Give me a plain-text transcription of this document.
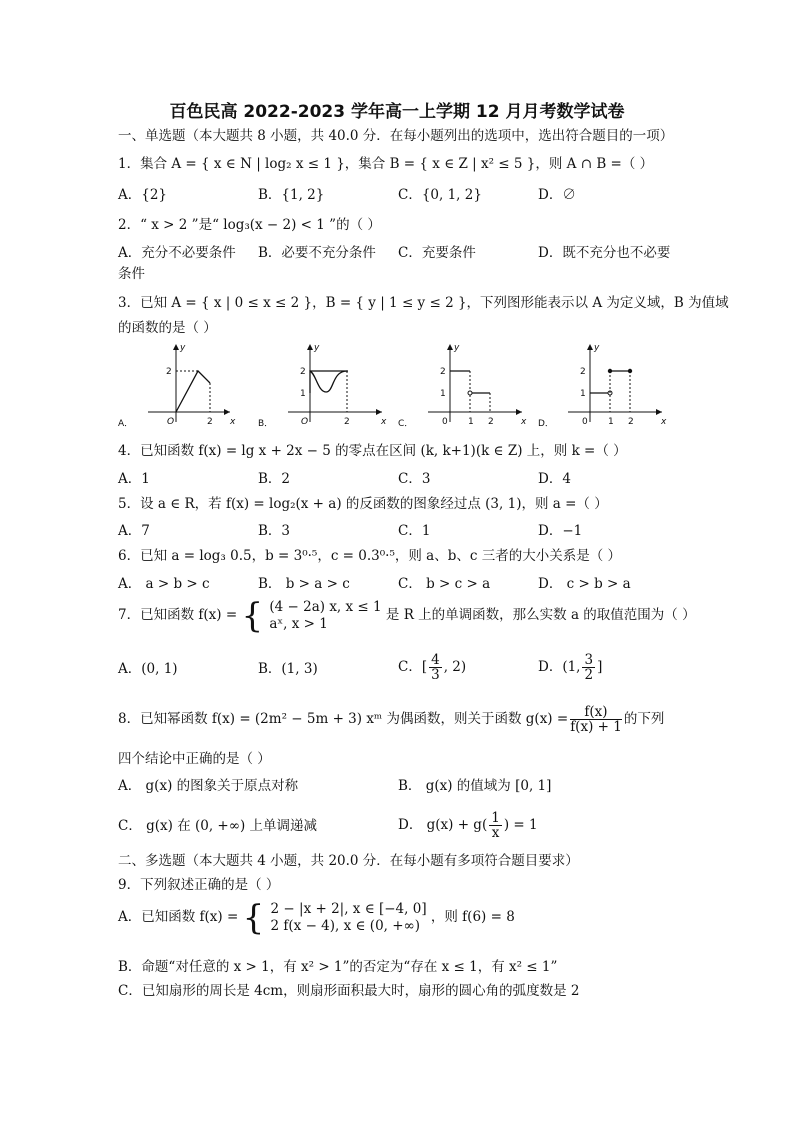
百色民高 2022-2023 学年高一上学期 12 月月考数学试卷
一、单选题（本大题共 8 小题，共 40.0 分．在每小题列出的选项中，选出符合题目的一项）
1．集合 A = { x ∈ N | log₂ x ≤ 1 }，集合 B = { x ∈ Z | x² ≤ 5 }，则 A ∩ B =（ ）
A．{2}	B．{1, 2}	C．{0, 1, 2}	D．∅
2．“ x > 2 ”是“ log₃(x − 2) < 1 ”的（ ）
A．充分不必要条件 B．必要不充分条件 C．充要条件	D．既不充分也不必要
条件
3．已知 A = { x | 0 ≤ x ≤ 2 }，B = { y | 1 ≤ y ≤ 2 }，下列图形能表示以 A 为定义域，B 为值域
的函数的是（ ）
A．
y
x
O
2
2	B．
y
x
O
2
1
2	C．
y
x
0
2
1
1 2	D．
y
x
0
2
1
1 2
4．已知函数 f(x) = lg x + 2x − 5 的零点在区间 (k, k+1)(k ∈ Z) 上，则 k =（ ）
A．1	B．2	C．3	D．4
5．设 a ∈ R，若 f(x) = log₂(x + a) 的反函数的图象经过点 (3, 1)，则 a =（ ）
A．7	B．3	C．1	D．−1
6．已知 a = log₃ 0.5，b = 3⁰·⁵，c = 0.3⁰·⁵，则 a、b、c 三者的大小关系是（ ）
A． a > b > c	B． b > a > c	C． b > c > a	D． c > b > a
7．已知函数 f(x) = { (4 − 2a) x, x ≤ 1
aˣ, x > 1
是 R 上的单调函数，那么实数 a 的取值范围为（ ）
A．(0, 1)	B．(1, 3)	C．[ $\frac{4}{3}$ , 2)	D．(1, $\frac{3}{2}$ ]
8．已知幂函数 f(x) = (2m² − 5m + 3) xᵐ 为偶函数，则关于函数 $g(x) = \frac{f(x)}{f(x) + 1}$ 的下列
四个结论中正确的是（ ）
A． g(x) 的图象关于原点对称	B． g(x) 的值域为 [0, 1]
C． g(x) 在 (0, +∞) 上单调递减	D． $g(x) + g( \frac{1}{x}$ ) = 1
二、多选题（本大题共 4 小题，共 20.0 分．在每小题有多项符合题目要求）
9．下列叙述正确的是（ ）
A．已知函数 f(x) = { 2 − |x + 2|, x ∈ [−4, 0]
2 f(x − 4), x ∈ (0, +∞)
，则 f(6) = 8
B．命题“对任意的 x > 1，有 x² > 1”的否定为“存在 x ≤ 1，有 x² ≤ 1”
C．已知扇形的周长是 4cm，则扇形面积最大时，扇形的圆心角的弧度数是 2
